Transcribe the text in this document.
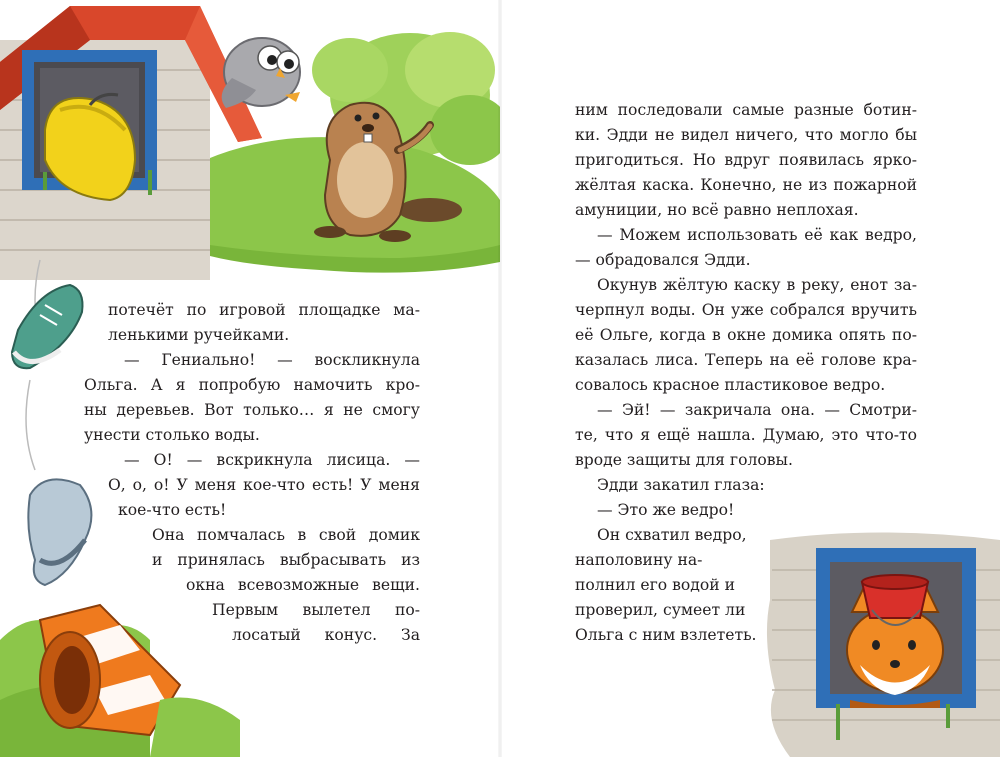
потечёт по игровой площадке ма-
ленькими ручейками.
— Гениально! — воскликнула
Ольга. А я попробую намочить кро-
ны деревьев. Вот только… я не смогу
унести столько воды.
— О! — вскрикнула лисица. —
О, о, о! У меня кое-что есть! У меня
кое-что есть!
Она помчалась в свой домик
и принялась выбрасывать из
окна всевозможные вещи.
Первым вылетел по-
лосатый конус. За
ним последовали самые разные ботин-
ки. Эдди не видел ничего, что могло бы
пригодиться. Но вдруг появилась ярко-
жёлтая каска. Конечно, не из пожарной
амуниции, но всё равно неплохая.
— Можем использовать её как ведро,
— обрадовался Эдди.
Окунув жёлтую каску в реку, енот за-
черпнул воды. Он уже собрался вручить
её Ольге, когда в окне домика опять по-
казалась лиса. Теперь на её голове кра-
совалось красное пластиковое ведро.
— Эй! — закричала она. — Смотри-
те, что я ещё нашла. Думаю, это что-то
вроде защиты для головы.
Эдди закатил глаза:
— Это же ведро!
Он схватил ведро,
наполовину на-
полнил его водой и
проверил, сумеет ли
Ольга с ним взлететь.
